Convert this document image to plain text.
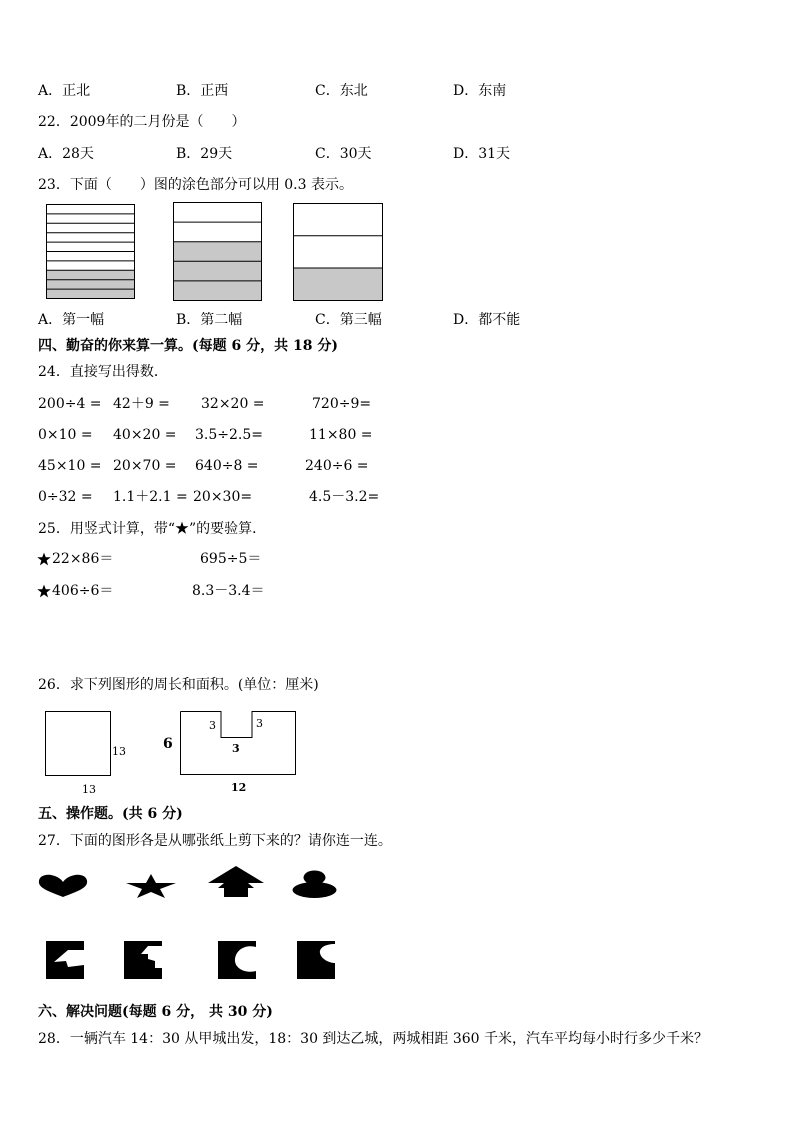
A．正北	B．正西	C．东北	D．东南
22．2009年的二月份是（　　）
A．28天	B．29天	C．30天	D．31天
23．下面（　　）图的涂色部分可以用 0.3 表示。
A．第一幅	B．第二幅	C．第三幅	D．都不能
四、勤奋的你来算一算。(每题 6 分，共 18 分)
24．直接写出得数．
200÷4 = 42＋9 = 32×20 =	720÷9=
0×10 = 40×20 = 3.5÷2.5=	11×80 =
45×10 = 20×70 = 640÷8 =	240÷6 =
0÷32 = 1.1＋2.1 = 20×30=	4.5－3.2=
25．用竖式计算，带“★”的要验算．
22×86＝	695÷5＝
406÷6＝	8.3－3.4＝
26．求下列图形的周长和面积。(单位：厘米)
13
13
6
3	3
3
12
五、操作题。(共 6 分)
27．下面的图形各是从哪张纸上剪下来的？请你连一连。
六、解决问题(每题 6 分， 共 30 分)
28．一辆汽车 14：30 从甲城出发，18：30 到达乙城，两城相距 360 千米，汽车平均每小时行多少千米？
